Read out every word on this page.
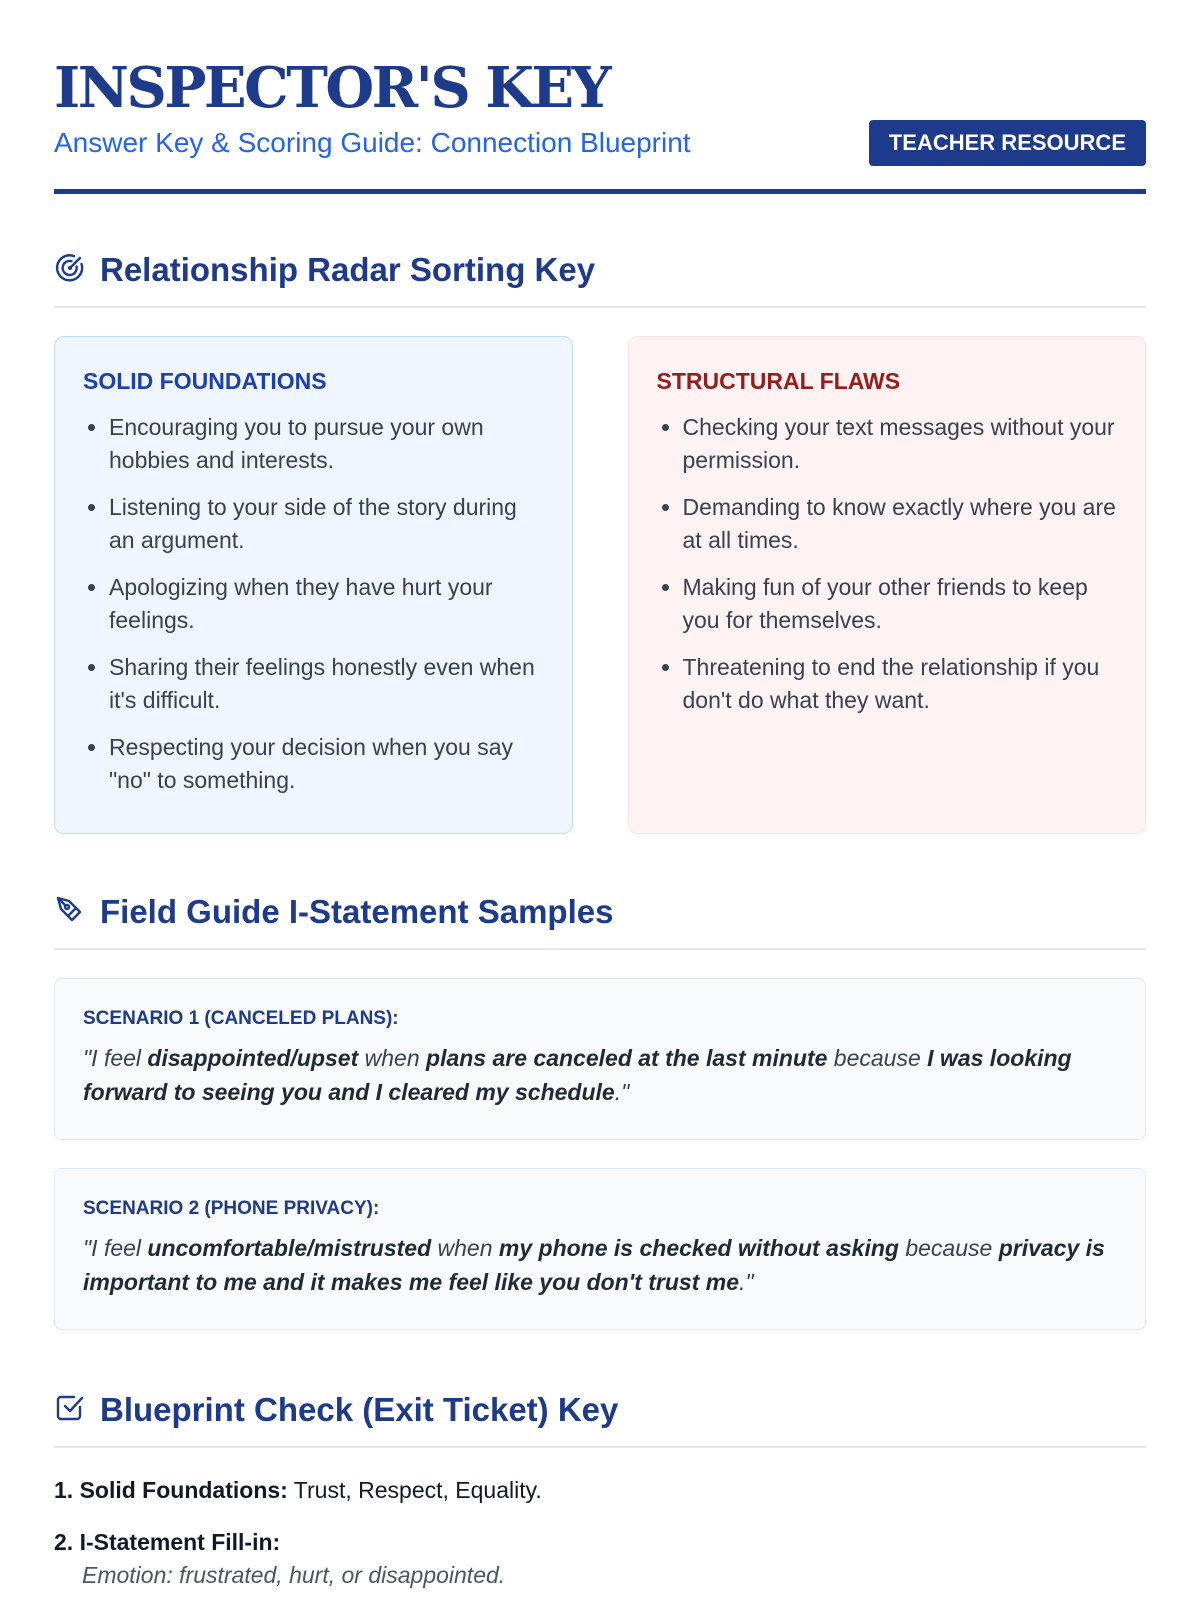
INSPECTOR'S KEY
Answer Key & Scoring Guide: Connection Blueprint	TEACHER RESOURCE
Relationship Radar Sorting Key
SOLID FOUNDATIONS
• Encouraging you to pursue your own hobbies and interests.
• Listening to your side of the story during an argument.
• Apologizing when they have hurt your feelings.
• Sharing their feelings honestly even when it's difficult.
• Respecting your decision when you say "no" to something.
STRUCTURAL FLAWS
• Checking your text messages without your permission.
• Demanding to know exactly where you are at all times.
• Making fun of your other friends to keep you for themselves.
• Threatening to end the relationship if you don't do what they want.
Field Guide I-Statement Samples
SCENARIO 1 (CANCELED PLANS):
"I feel disappointed/upset when plans are canceled at the last minute because I was looking forward to seeing you and I cleared my schedule."
SCENARIO 2 (PHONE PRIVACY):
"I feel uncomfortable/mistrusted when my phone is checked without asking because privacy is important to me and it makes me feel like you don't trust me."
Blueprint Check (Exit Ticket) Key
1. Solid Foundations: Trust, Respect, Equality.
2. I-Statement Fill-in:
Emotion: frustrated, hurt, or disappointed.
